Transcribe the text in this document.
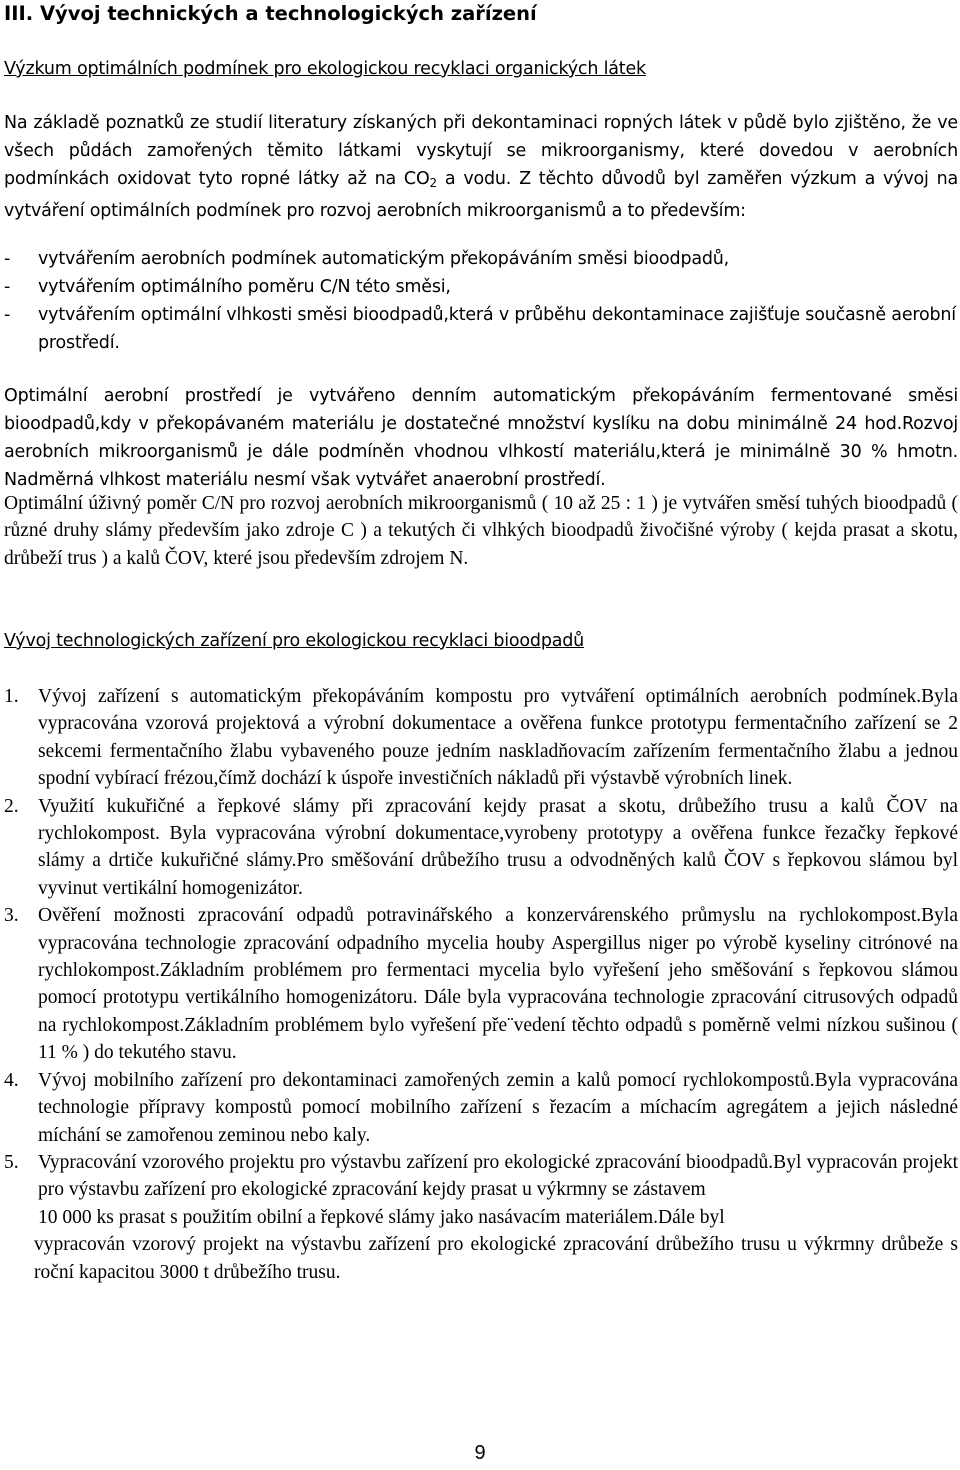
III. Vývoj technických a technologických zařízení
Výzkum optimálních podmínek pro ekologickou recyklaci organických látek
Na základě poznatků ze studií literatury získaných při dekontaminaci ropných látek v půdě bylo zjištěno, že ve všech půdách zamořených těmito látkami vyskytují se mikroorganismy, které dovedou v aerobních podmínkách oxidovat tyto ropné látky až na $CO_2$ a vodu. Z těchto důvodů byl zaměřen výzkum a vývoj na vytváření optimálních podmínek pro rozvoj aerobních mikroorganismů a to především:
- vytvářením aerobních podmínek automatickým překopáváním směsi bioodpadů,
- vytvářením optimálního poměru C/N této směsi,
- vytvářením optimální vlhkosti směsi bioodpadů,která v průběhu dekontaminace zajišťuje současně aerobní prostředí.
Optimální aerobní prostředí je vytvářeno denním automatickým překopáváním fermentované směsi bioodpadů,kdy v překopávaném materiálu je dostatečné množství kyslíku na dobu minimálně 24 hod.Rozvoj aerobních mikroorganismů je dále podmíněn vhodnou vlhkostí materiálu,která je minimálně 30 % hmotn. Nadměrná vlhkost materiálu nesmí však vytvářet anaerobní prostředí.
Optimální úživný poměr C/N pro rozvoj aerobních mikroorganismů ( 10 až 25 : 1 ) je vytvářen směsí tuhých bioodpadů ( různé druhy slámy především jako zdroje C ) a tekutých či vlhkých bioodpadů živočišné výroby ( kejda prasat a skotu, drůbeží trus ) a kalů ČOV, které jsou především zdrojem N.
Vývoj technologických zařízení pro ekologickou recyklaci bioodpadů
1. Vývoj zařízení s automatickým překopáváním kompostu pro vytváření optimálních aerobních podmínek.Byla vypracována vzorová projektová a výrobní dokumentace a ověřena funkce prototypu fermentačního zařízení se 2 sekcemi fermentačního žlabu vybaveného pouze jedním naskladňovacím zařízením fermentačního žlabu a jednou spodní vybírací frézou,čímž dochází k úspoře investičních nákladů při výstavbě výrobních linek.
2. Využití kukuřičné a řepkové slámy při zpracování kejdy prasat a skotu, drůbežího trusu a kalů ČOV na rychlokompost. Byla vypracována výrobní dokumentace,vyrobeny prototypy a ověřena funkce řezačky řepkové slámy a drtiče kukuřičné slámy.Pro směšování drůbežího trusu a odvodněných kalů ČOV s řepkovou slámou byl vyvinut vertikální homogenizátor.
3. Ověření možnosti zpracování odpadů potravinářského a konzervárenského průmyslu na rychlokompost.Byla vypracována technologie zpracování odpadního mycelia houby Aspergillus niger po výrobě kyseliny citrónové na rychlokompost.Základním problémem pro fermentaci mycelia bylo vyřešení jeho směšování s řepkovou slámou pomocí prototypu vertikálního homogenizátoru. Dále byla vypracována technologie zpracování citrusových odpadů na rychlokompost.Základním problémem bylo vyřešení pře¨vedení těchto odpadů s poměrně velmi nízkou sušinou ( 11 % ) do tekutého stavu.
4. Vývoj mobilního zařízení pro dekontaminaci zamořených zemin a kalů pomocí rychlokompostů.Byla vypracována technologie přípravy kompostů pomocí mobilního zařízení s řezacím a míchacím agregátem a jejich následné míchání se zamořenou zeminou nebo kaly.
5. Vypracování vzorového projektu pro výstavbu zařízení pro ekologické zpracování bioodpadů.Byl vypracován projekt pro výstavbu zařízení pro ekologické zpracování kejdy prasat u výkrmny se zástavem
10 000 ks prasat s použitím obilní a řepkové slámy jako nasávacím materiálem.Dále byl
vypracován vzorový projekt na výstavbu zařízení pro ekologické zpracování drůbežího trusu u výkrmny drůbeže s roční kapacitou 3000 t drůbežího trusu.
9
